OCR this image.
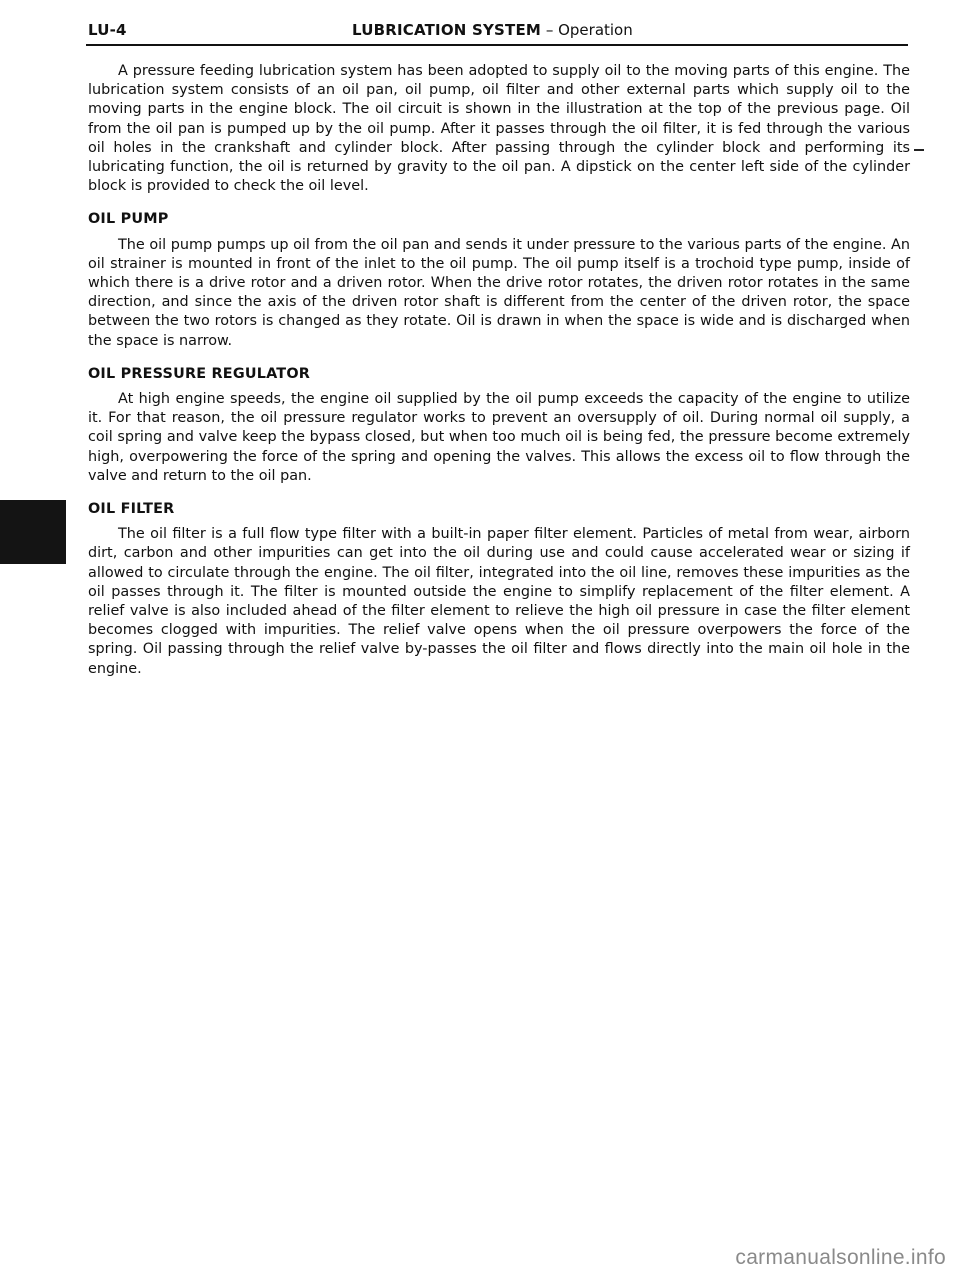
LU-4	LUBRICATION SYSTEM – Operation

A pressure feeding lubrication system has been adopted to supply oil to the moving parts of this engine. The lubrication system consists of an oil pan, oil pump, oil filter and other external parts which supply oil to the moving parts in the engine block. The oil circuit is shown in the illustration at the top of the previous page. Oil from the oil pan is pumped up by the oil pump. After it passes through the oil filter, it is fed through the various oil holes in the crankshaft and cylinder block. After passing through the cylinder block and performing its lubricating function, the oil is returned by gravity to the oil pan. A dipstick on the center left side of the cylinder block is provided to check the oil level.

OIL PUMP

The oil pump pumps up oil from the oil pan and sends it under pressure to the various parts of the engine. An oil strainer is mounted in front of the inlet to the oil pump. The oil pump itself is a trochoid type pump, inside of which there is a drive rotor and a driven rotor. When the drive rotor rotates, the driven rotor rotates in the same direction, and since the axis of the driven rotor shaft is different from the center of the driven rotor, the space between the two rotors is changed as they rotate. Oil is drawn in when the space is wide and is discharged when the space is narrow.

OIL PRESSURE REGULATOR

At high engine speeds, the engine oil supplied by the oil pump exceeds the capacity of the engine to utilize it. For that reason, the oil pressure regulator works to prevent an oversupply of oil. During normal oil supply, a coil spring and valve keep the bypass closed, but when too much oil is being fed, the pressure become extremely high, overpowering the force of the spring and opening the valves. This allows the excess oil to flow through the valve and return to the oil pan.

OIL FILTER

The oil filter is a full flow type filter with a built-in paper filter element. Particles of metal from wear, airborn dirt, carbon and other impurities can get into the oil during use and could cause accelerated wear or sizing if allowed to circulate through the engine. The oil filter, integrated into the oil line, removes these impurities as the oil passes through it. The filter is mounted outside the engine to simplify replacement of the filter element. A relief valve is also included ahead of the filter element to relieve the high oil pressure in case the filter element becomes clogged with impurities. The relief valve opens when the oil pressure overpowers the force of the spring. Oil passing through the relief valve by-passes the oil filter and flows directly into the main oil hole in the engine.

carmanualsonline.info
